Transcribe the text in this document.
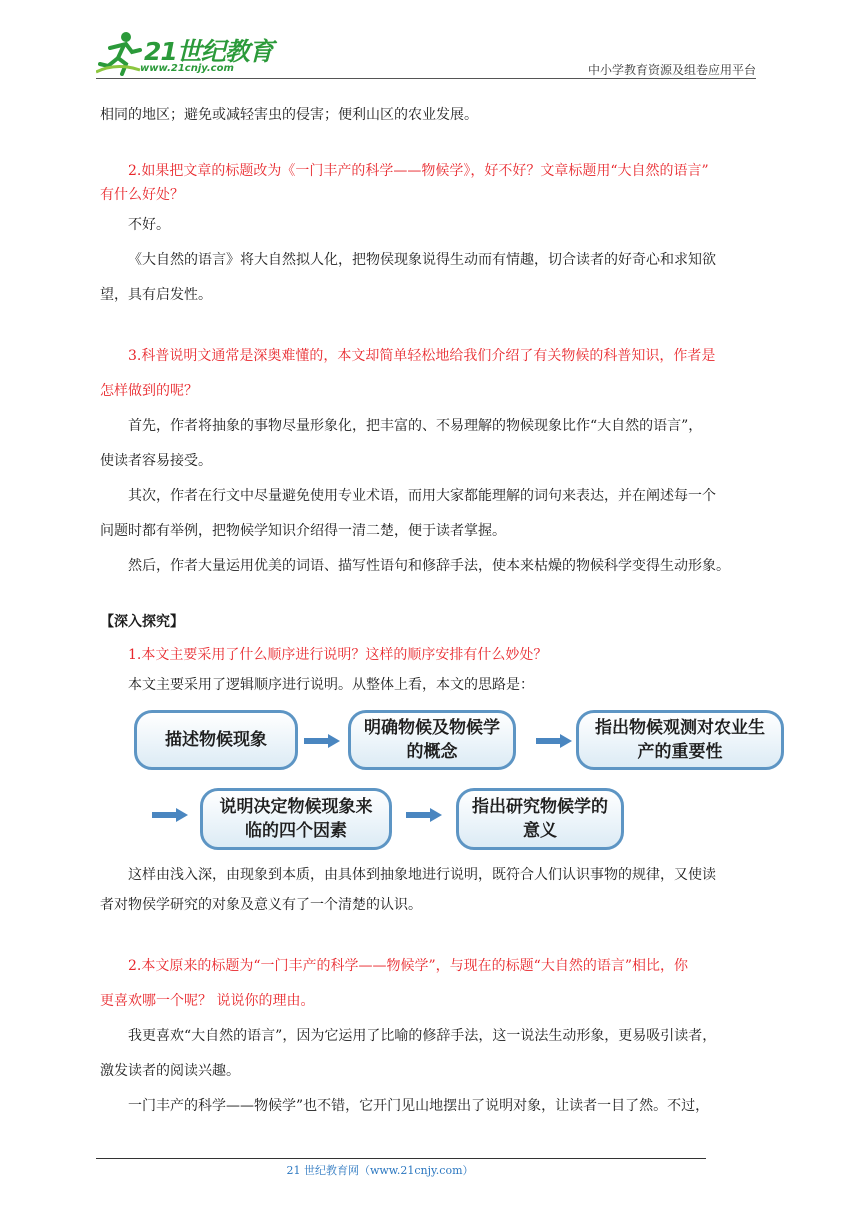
21世纪教育
www.21cnjy.com	中小学教育资源及组卷应用平台
相同的地区；避免或减轻害虫的侵害；便利山区的农业发展。
2.如果把文章的标题改为《一门丰产的科学——物候学》，好不好？文章标题用“大自然的语言”
有什么好处？
不好。
《大自然的语言》将大自然拟人化，把物侯现象说得生动而有情趣，切合读者的好奇心和求知欲
望，具有启发性。
3.科普说明文通常是深奥难懂的，本文却简单轻松地给我们介绍了有关物候的科普知识，作者是
怎样做到的呢？
首先，作者将抽象的事物尽量形象化，把丰富的、不易理解的物候现象比作“大自然的语言”，
使读者容易接受。
其次，作者在行文中尽量避免使用专业术语，而用大家都能理解的词句来表达，并在阐述每一个
问题时都有举例，把物候学知识介绍得一清二楚，便于读者掌握。
然后，作者大量运用优美的词语、描写性语句和修辞手法，使本来枯燥的物候科学变得生动形象。
【深入探究】
1.本文主要采用了什么顺序进行说明？这样的顺序安排有什么妙处？
本文主要采用了逻辑顺序进行说明。从整体上看，本文的思路是：
描述物候现象
明确物候及物候学
的概念
指出物候观测对农业生
产的重要性
说明决定物候现象来
临的四个因素
指出研究物候学的
意义
这样由浅入深，由现象到本质，由具体到抽象地进行说明，既符合人们认识事物的规律，又使读
者对物侯学研究的对象及意义有了一个清楚的认识。
2.本文原来的标题为“一门丰产的科学——物候学”，与现在的标题“大自然的语言”相比，你
更喜欢哪一个呢？ 说说你的理由。
我更喜欢“大自然的语言”，因为它运用了比喻的修辞手法，这一说法生动形象，更易吸引读者，
激发读者的阅读兴趣。
一门丰产的科学——物候学”也不错，它开门见山地摆出了说明对象，让读者一目了然。不过，
21 世纪教育网（www.21cnjy.com）
